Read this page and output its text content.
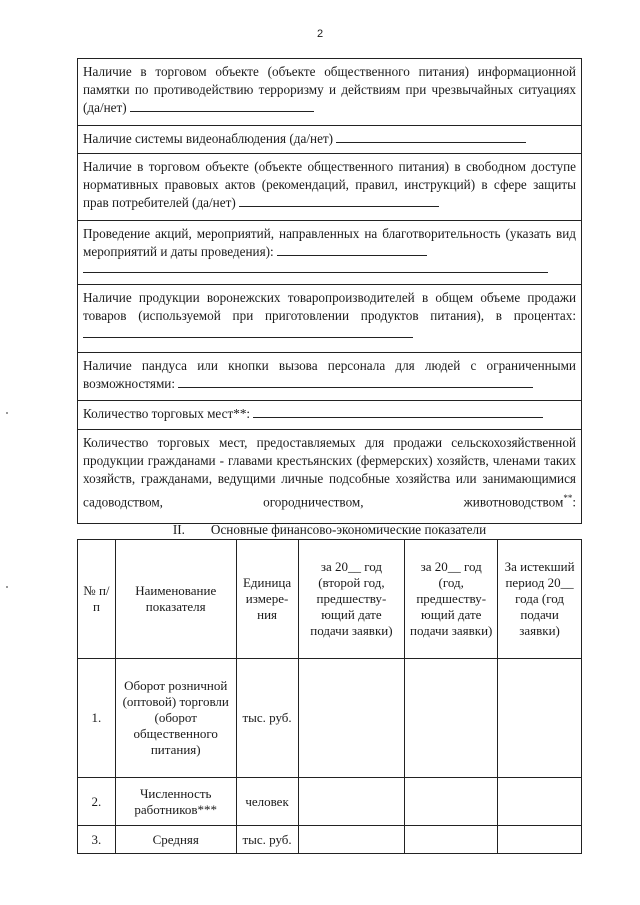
2
Наличие в торговом объекте (объекте общественного питания) информационной памятки по противодействию терроризму и действиям при чрезвычайных ситуациях (да/нет)
Наличие системы видеонаблюдения (да/нет)
Наличие в торговом объекте (объекте общественного питания) в свободном доступе нормативных правовых актов (рекомендаций, правил, инструкций) в сфере защиты прав потребителей (да/нет)
Проведение акций, мероприятий, направленных на благотворительность (указать вид мероприятий и даты проведения):
Наличие продукции воронежских товаропроизводителей в общем объеме продажи товаров (используемой при приготовлении продуктов питания), в процентах:
Наличие пандуса или кнопки вызова персонала для людей с ограниченными возможностями:
Количество торговых мест**:
Количество торговых мест, предоставляемых для продажи сельскохозяйственной продукции гражданами - главами крестьянских (фермерских) хозяйств, членами таких хозяйств, гражданами, ведущими личные подсобные хозяйства или занимающимися садоводством, огородничеством, животноводством**:
II. Основные финансово-экономические показатели
№ п/п	Наименование показателя	Единица измере-ния	за 20__ год (второй год, предшеству-ющий дате подачи заявки)	за 20__ год (год, предшеству-ющий дате подачи заявки)	За истекший период 20__ года (год подачи заявки)
1.	Оборот розничной (оптовой) торговли (оборот общественного питания)	тыс. руб.			
2.	Численность работников***	человек			
3.	Средняя	тыс. руб.			
